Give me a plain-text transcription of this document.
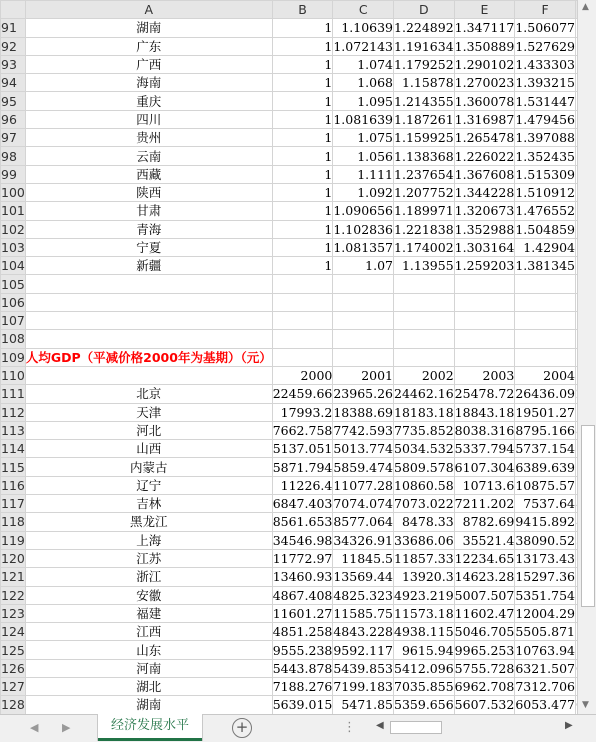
	A	B	C	D	E	F		
91	湖南	1	1.10639	1.224892	1.347117	1.506077		
92	广东	1	1.072143	1.191634	1.350889	1.527629		
93	广西	1	1.074	1.179252	1.290102	1.433303		
94	海南	1	1.068	1.15878	1.270023	1.393215		
95	重庆	1	1.095	1.214355	1.360078	1.531447		
96	四川	1	1.081639	1.187261	1.316987	1.479456		
97	贵州	1	1.075	1.159925	1.265478	1.397088		
98	云南	1	1.056	1.138368	1.226022	1.352435		
99	西藏	1	1.111	1.237654	1.367608	1.515309		
100	陕西	1	1.092	1.207752	1.344228	1.510912		
101	甘肃	1	1.090656	1.189971	1.320673	1.476552		
102	青海	1	1.102836	1.221838	1.352988	1.504859		
103	宁夏	1	1.081357	1.174002	1.303164	1.42904		
104	新疆	1	1.07	1.13955	1.259203	1.381345		
105								
106								
107								
108								
109	人均GDP（平减价格2000年为基期）（元）							
110		2000	2001	2002	2003	2004		
111	北京	22459.66	23965.26	24462.16	25478.72	26436.09		
112	天津	17993.2	18388.69	18183.18	18843.18	19501.27		
113	河北	7662.758	7742.593	7735.852	8038.316	8795.166		
114	山西	5137.051	5013.774	5034.532	5337.794	5737.154		
115	内蒙古	5871.794	5859.474	5809.578	6107.304	6389.639		
116	辽宁	11226.4	11077.28	10860.58	10713.6	10875.57		
117	吉林	6847.403	7074.074	7073.022	7211.202	7537.64		
118	黑龙江	8561.653	8577.064	8478.33	8782.69	9415.892		
119	上海	34546.98	34326.91	33686.06	35521.4	38090.52		
120	江苏	11772.97	11845.5	11857.33	12234.65	13173.43		
121	浙江	13460.93	13569.44	13920.3	14623.28	15297.36		
122	安徽	4867.408	4825.323	4923.219	5007.507	5351.754		
123	福建	11601.27	11585.75	11573.18	11602.47	12004.29		
124	江西	4851.258	4843.228	4938.115	5046.705	5505.871		
125	山东	9555.238	9592.117	9615.94	9965.253	10763.94		
126	河南	5443.878	5439.853	5412.096	5755.728	6321.507		
127	湖北	7188.276	7199.183	7035.855	6962.708	7312.706		
128	湖南	5639.015	5471.85	5359.656	5607.532	6053.477		

▲
▼
◀ ▶	经济发展水平	+	⋮ ◀	▶
